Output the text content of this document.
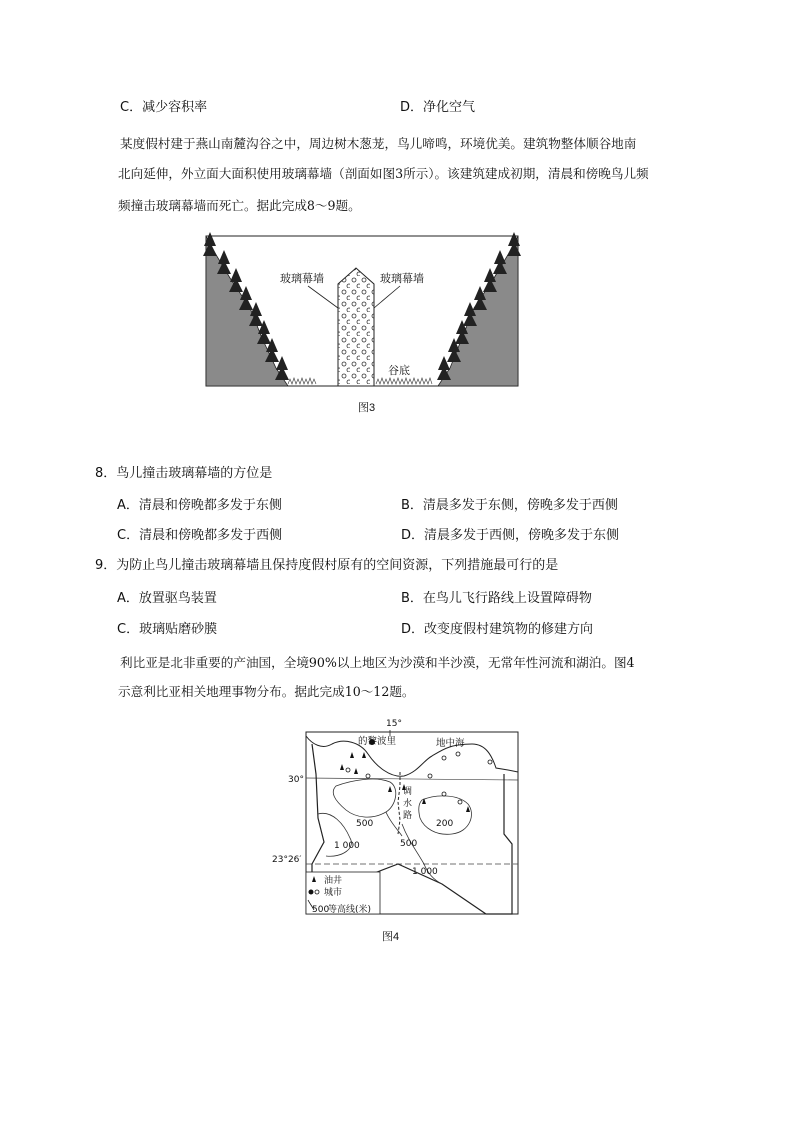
C．减少容积率	D．净化空气
某度假村建于燕山南麓沟谷之中，周边树木葱茏，鸟儿啼鸣，环境优美。建筑物整体顺谷地南
北向延伸，外立面大面积使用玻璃幕墙（剖面如图3所示）。该建筑建成初期，清晨和傍晚鸟儿频
频撞击玻璃幕墙而死亡。据此完成8～9题。
玻璃幕墙	玻璃幕墙
谷底
图3
8．鸟儿撞击玻璃幕墙的方位是
A．清晨和傍晚都多发于东侧	B．清晨多发于东侧，傍晚多发于西侧
C．清晨和傍晚都多发于西侧	D．清晨多发于西侧，傍晚多发于东侧
9．为防止鸟儿撞击玻璃幕墙且保持度假村原有的空间资源，下列措施最可行的是
A．放置驱鸟装置	B．在鸟儿飞行路线上设置障碍物
C．玻璃贴磨砂膜	D．改变度假村建筑物的修建方向
利比亚是北非重要的产油国，全境90%以上地区为沙漠和半沙漠，无常年性河流和湖泊。图4
示意利比亚相关地理事物分布。据此完成10～12题。
15°
30°
23°26′
的黎波里	地中海
调
水
路
500
500
200
1 000
1 000
油井
城市
500
等高线(米)
图4
